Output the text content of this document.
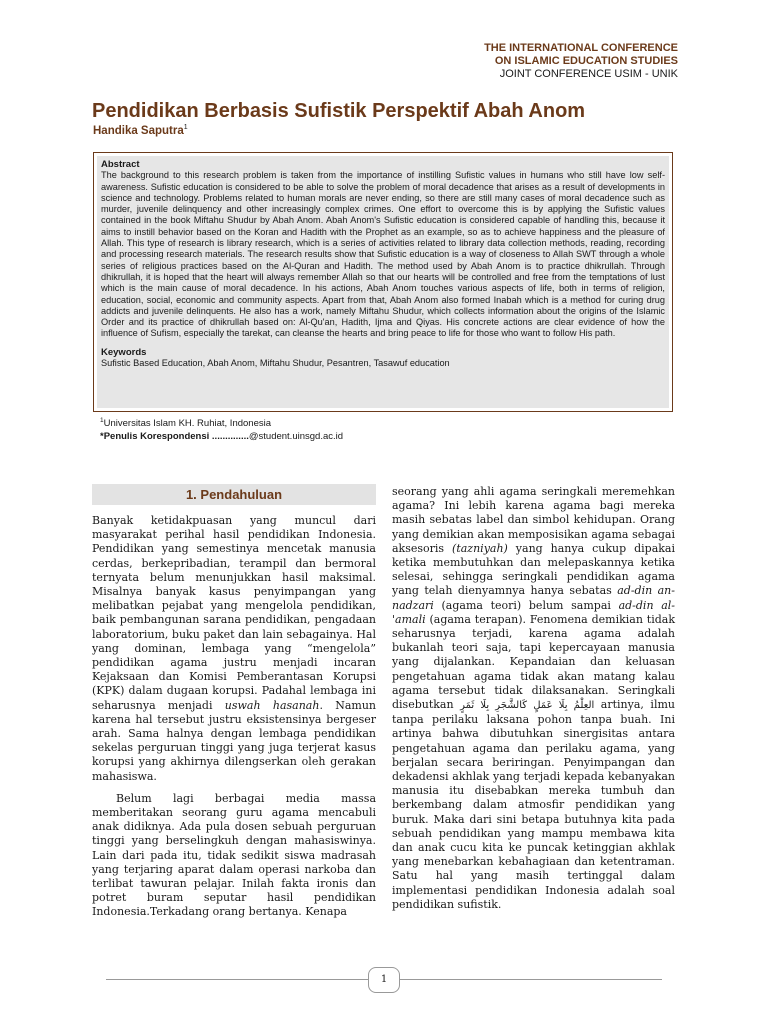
THE INTERNATIONAL CONFERENCE
ON ISLAMIC EDUCATION STUDIES
JOINT CONFERENCE USIM - UNIK
Pendidikan Berbasis Sufistik Perspektif Abah Anom
Handika Saputra$^1$
Abstract

The background to this research problem is taken from the importance of instilling Sufistic values in humans who still have low self-awareness. Sufistic education is considered to be able to solve the problem of moral decadence that arises as a result of developments in science and technology. Problems related to human morals are never ending, so there are still many cases of moral decadence such as murder, juvenile delinquency and other increasingly complex crimes. One effort to overcome this is by applying the Sufistic values contained in the book Miftahu Shudur by Abah Anom. Abah Anom's Sufistic education is considered capable of handling this, because it aims to instill behavior based on the Koran and Hadith with the Prophet as an example, so as to achieve happiness and the pleasure of Allah. This type of research is library research, which is a series of activities related to library data collection methods, reading, recording and processing research materials. The research results show that Sufistic education is a way of closeness to Allah SWT through a whole series of religious practices based on the Al-Quran and Hadith. The method used by Abah Anom is to practice dhikrullah. Through dhikrullah, it is hoped that the heart will always remember Allah so that our hearts will be controlled and free from the temptations of lust which is the main cause of moral decadence. In his actions, Abah Anom touches various aspects of life, both in terms of religion, education, social, economic and community aspects. Apart from that, Abah Anom also formed Inabah which is a method for curing drug addicts and juvenile delinquents. He also has a work, namely Miftahu Shudur, which collects information about the origins of the Islamic Order and its practice of dhikrullah based on: Al-Qu'an, Hadith, Ijma and Qiyas. His concrete actions are clear evidence of how the influence of Sufism, especially the tarekat, can cleanse the hearts and bring peace to life for those who want to follow His path.

Keywords

Sufistic Based Education, Abah Anom, Miftahu Shudur, Pesantren, Tasawuf education

$^1$Universitas Islam KH. Ruhiat, Indonesia
*Penulis Korespondensi ..............@student.uinsgd.ac.id
1. Pendahuluan

Banyak ketidakpuasan yang muncul dari masyarakat perihal hasil pendidikan Indonesia. Pendidikan yang semestinya mencetak manusia cerdas, berkepribadian, terampil dan bermoral ternyata belum menunjukkan hasil maksimal. Misalnya banyak kasus penyimpangan yang melibatkan pejabat yang mengelola pendidikan, baik pembangunan sarana pendidikan, pengadaan laboratorium, buku paket dan lain sebagainya. Hal yang dominan, lembaga yang “mengelola” pendidikan agama justru menjadi incaran Kejaksaan dan Komisi Pemberantasan Korupsi (KPK) dalam dugaan korupsi. Padahal lembaga ini seharusnya menjadi uswah hasanah. Namun karena hal tersebut justru eksistensinya bergeser arah. Sama halnya dengan lembaga pendidikan sekelas perguruan tinggi yang juga terjerat kasus korupsi yang akhirnya dilengserkan oleh gerakan mahasiswa.

Belum lagi berbagai media massa memberitakan seorang guru agama mencabuli anak didiknya. Ada pula dosen sebuah perguruan tinggi yang berselingkuh dengan mahasiswinya. Lain dari pada itu, tidak sedikit siswa madrasah yang terjaring aparat dalam operasi narkoba dan terlibat tawuran pelajar. Inilah fakta ironis dan potret buram seputar hasil pendidikan Indonesia.Terkadang orang bertanya. Kenapa

seorang yang ahli agama seringkali meremehkan agama? Ini lebih karena agama bagi mereka masih sebatas label dan simbol kehidupan. Orang yang demikian akan memposisikan agama sebagai aksesoris (tazniyah) yang hanya cukup dipakai ketika membutuhkan dan melepaskannya ketika selesai, sehingga seringkali pendidikan agama yang telah dienyamnya hanya sebatas ad-din an-nadzari (agama teori) belum sampai ad-din al-'amali (agama terapan). Fenomena demikian tidak seharusnya terjadi, karena agama adalah bukanlah teori saja, tapi kepercayaan manusia yang dijalankan. Kepandaian dan keluasan pengetahuan agama tidak akan matang kalau agama tersebut tidak dilaksanakan. Seringkali disebutkan العِلْمُ بِلَا عَمَلٍ كَالشَّجَرِ بِلَا ثَمَرٍ artinya, ilmu tanpa perilaku laksana pohon tanpa buah. Ini artinya bahwa dibutuhkan sinergisitas antara pengetahuan agama dan perilaku agama, yang berjalan secara beriringan. Penyimpangan dan dekadensi akhlak yang terjadi kepada kebanyakan manusia itu disebabkan mereka tumbuh dan berkembang dalam atmosfir pendidikan yang buruk. Maka dari sini betapa butuhnya kita pada sebuah pendidikan yang mampu membawa kita dan anak cucu kita ke puncak ketinggian akhlak yang menebarkan kebahagiaan dan ketentraman. Satu hal yang masih tertinggal dalam implementasi pendidikan Indonesia adalah soal pendidikan sufistik.

1
